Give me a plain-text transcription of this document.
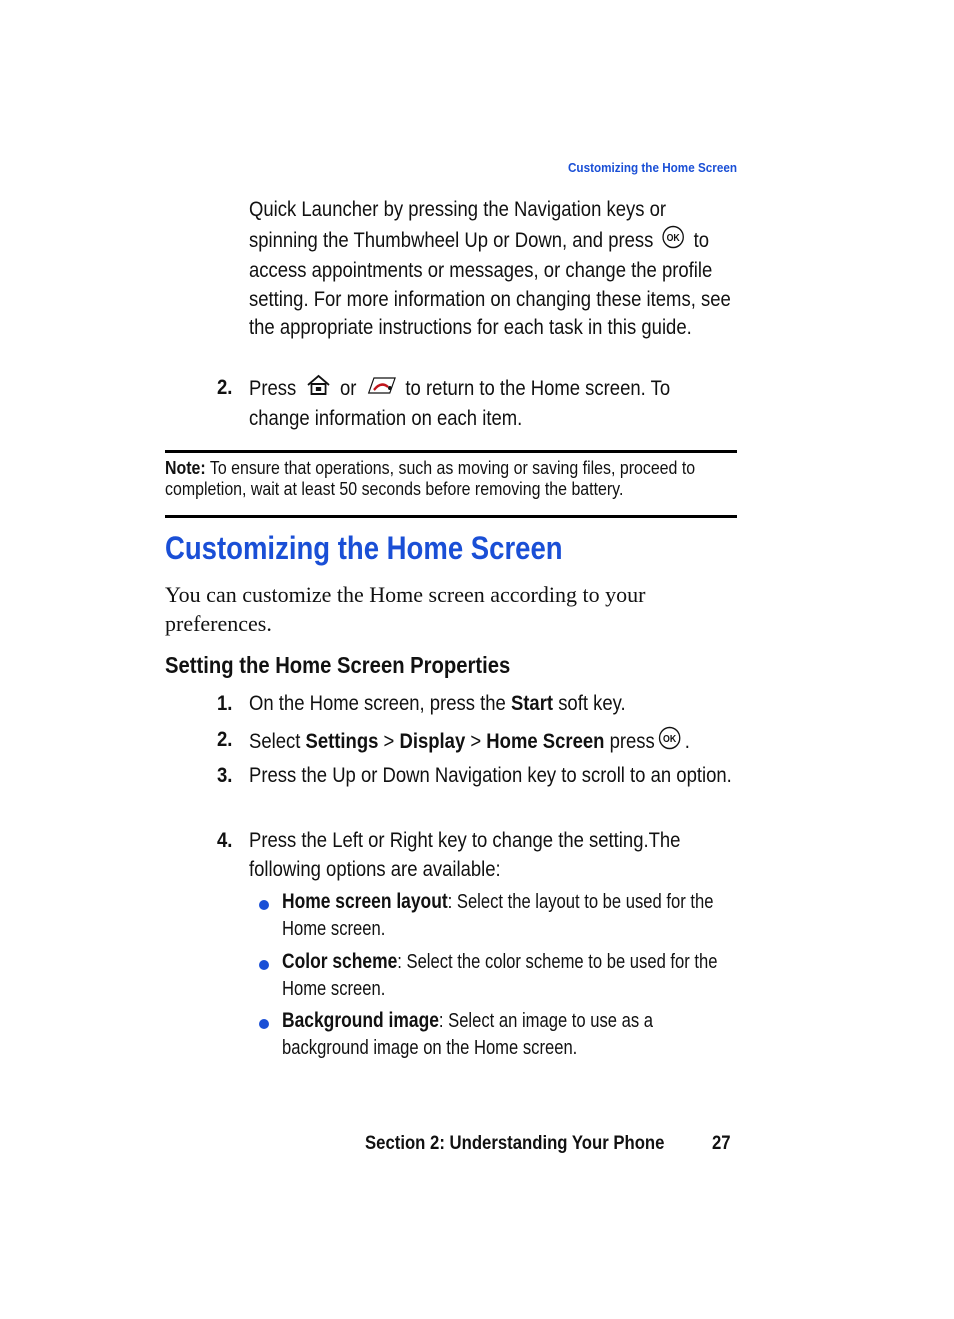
Customizing the Home Screen
Quick Launcher by pressing the Navigation keys or spinning the Thumbwheel Up or Down, and press OK to access appointments or messages, or change the profile setting. For more information on changing these items, see the appropriate instructions for each task in this guide.
2. Press or to return to the Home screen. To change information on each item.
Note: To ensure that operations, such as moving or saving files, proceed to completion, wait at least 50 seconds before removing the battery.
Customizing the Home Screen
You can customize the Home screen according to your preferences.
Setting the Home Screen Properties
1. On the Home screen, press the Start soft key.
2. Select Settings > Display > Home Screen press OK .
3. Press the Up or Down Navigation key to scroll to an option.
4. Press the Left or Right key to change the setting.The following options are available:
Home screen layout: Select the layout to be used for the Home screen.
Color scheme: Select the color scheme to be used for the Home screen.
Background image: Select an image to use as a background image on the Home screen.
Section 2: Understanding Your Phone	27
